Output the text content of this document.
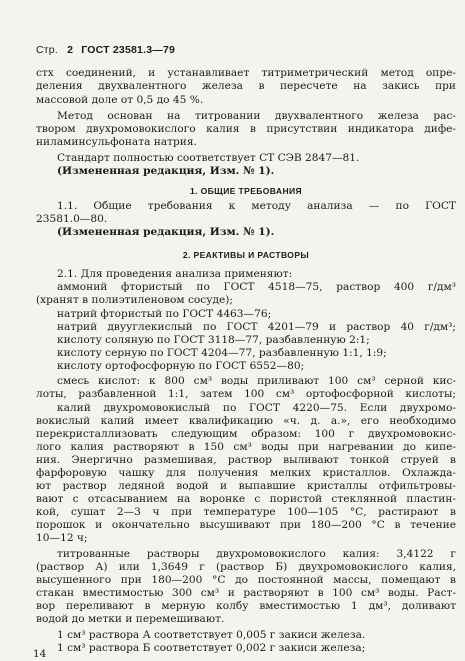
Стр. 2 ГОСТ 23581.3—79
1. ОБЩИЕ ТРЕБОВАНИЯ
2. РЕАКТИВЫ И РАСТВОРЫ
стх соединений, и устанавливает титриметрический метод опре-
деления двухвалентного железа в пересчете на закись при
массовой доле от 0,5 до 45 %.
Метод основан на титровании двухвалентного железа рас-
твором двухромовокислого калия в присутствии индикатора дифе-
ниламинсульфоната натрия.
Стандарт полностью соответствует СТ СЭВ 2847—81.
(Измененная редакция, Изм. № 1).
1.1. Общие требования к методу анализа — по ГОСТ
23581.0—80.
(Измененная редакция, Изм. № 1).
2.1. Для проведения анализа применяют:
аммоний фтористый по ГОСТ 4518—75, раствор 400 г/дм³
(хранят в полиэтиленовом сосуде);
натрий фтористый по ГОСТ 4463—76;
натрий двууглекислый по ГОСТ 4201—79 и раствор 40 г/дм³;
кислоту соляную по ГОСТ 3118—77, разбавленную 2:1;
кислоту серную по ГОСТ 4204—77, разбавленную 1:1, 1:9;
кислоту ортофосфорную по ГОСТ 6552—80;
смесь кислот: к 800 см³ воды приливают 100 см³ серной кис-
лоты, разбавленной 1:1, затем 100 см³ ортофосфорной кислоты;
калий двухромовокислый по ГОСТ 4220—75. Если двухромо-
вокислый калий имеет квалификацию «ч. д. а.», его необходимо
перекристаллизовать следующим образом: 100 г двухромовокис-
лого калия растворяют в 150 см³ воды при нагревании до кипе-
ния. Энергично размешивая, раствор выливают тонкой струей в
фарфоровую чашку для получения мелких кристаллов. Охлажда-
ют раствор ледяной водой и выпавшие кристаллы отфильтровы-
вают с отсасыванием на воронке с пористой стеклянной пластин-
кой, сушат 2—3 ч при температуре 100—105 °С, растирают в
порошок и окончательно высушивают при 180—200 °С в течение
10—12 ч;
титрованные растворы двухромовокислого калия: 3,4122 г
(раствор А) или 1,3649 г (раствор Б) двухромовокислого калия,
высушенного при 180—200 °С до постоянной массы, помещают в
стакан вместимостью 300 см³ и растворяют в 100 см³ воды. Раст-
вор переливают в мерную колбу вместимостью 1 дм³, доливают
водой до метки и перемешивают.
1 см³ раствора А соответствует 0,005 г закиси железа.
1 см³ раствора Б соответствует 0,002 г закиси железа;
14
